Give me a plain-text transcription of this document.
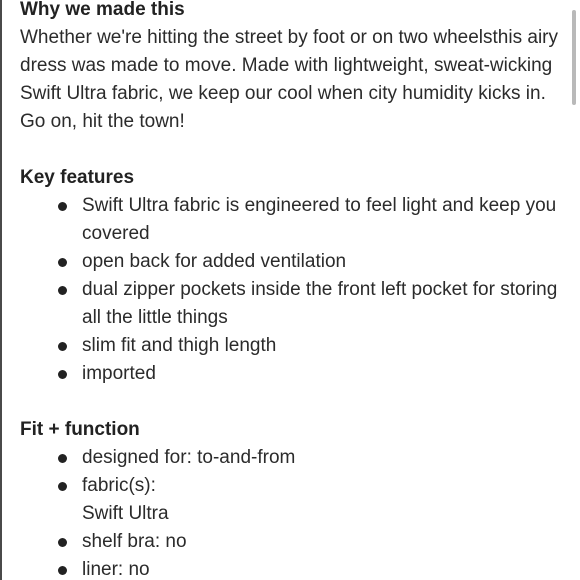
Why we made this

Whether we're hitting the street by foot or on two wheelsthis airy dress was made to move. Made with lightweight, sweat-wicking Swift Ultra fabric, we keep our cool when city humidity kicks in. Go on, hit the town!

Key features
Swift Ultra fabric is engineered to feel light and keep you covered
open back for added ventilation
dual zipper pockets inside the front left pocket for storing all the little things
slim fit and thigh length
imported
Fit + function
designed for: to-and-from
fabric(s):
Swift Ultra
shelf bra: no
liner: no
